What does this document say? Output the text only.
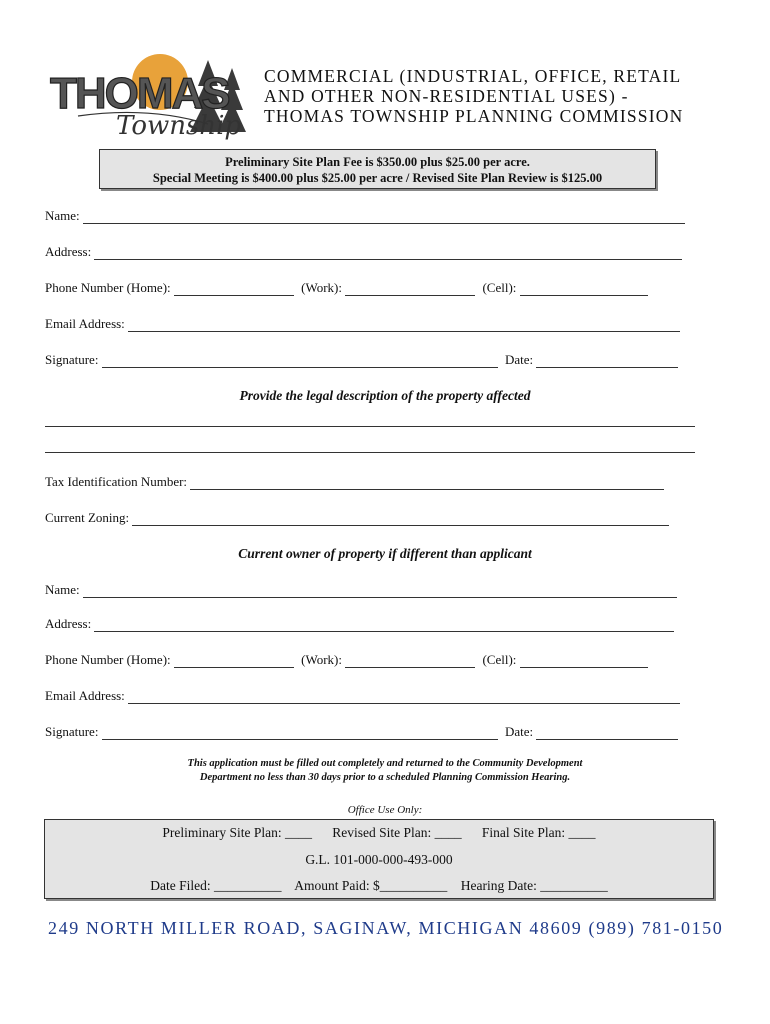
THOMAS
Township
COMMERCIAL (INDUSTRIAL, OFFICE, RETAIL
AND OTHER NON-RESIDENTIAL USES) -
THOMAS TOWNSHIP PLANNING COMMISSION
Preliminary Site Plan Fee is $350.00 plus $25.00 per acre.
Special Meeting is $400.00 plus $25.00 per acre / Revised Site Plan Review is $125.00
Name:
Address:
Phone Number (Home):	(Work):	(Cell):
Email Address:
Signature:	Date:
Provide the legal description of the property affected
Tax Identification Number:
Current Zoning:
Current owner of property if different than applicant
Name:
Address:
Phone Number (Home):	(Work):	(Cell):
Email Address:
Signature:	Date:
This application must be filled out completely and returned to the Community Development
Department no less than 30 days prior to a scheduled Planning Commission Hearing.
Office Use Only:
Preliminary Site Plan: ____ Revised Site Plan: ____ Final Site Plan: ____
G.L. 101-000-000-493-000
Date Filed: __________ Amount Paid: $__________ Hearing Date: __________
249 NORTH MILLER ROAD, SAGINAW, MICHIGAN 48609 (989) 781-0150
